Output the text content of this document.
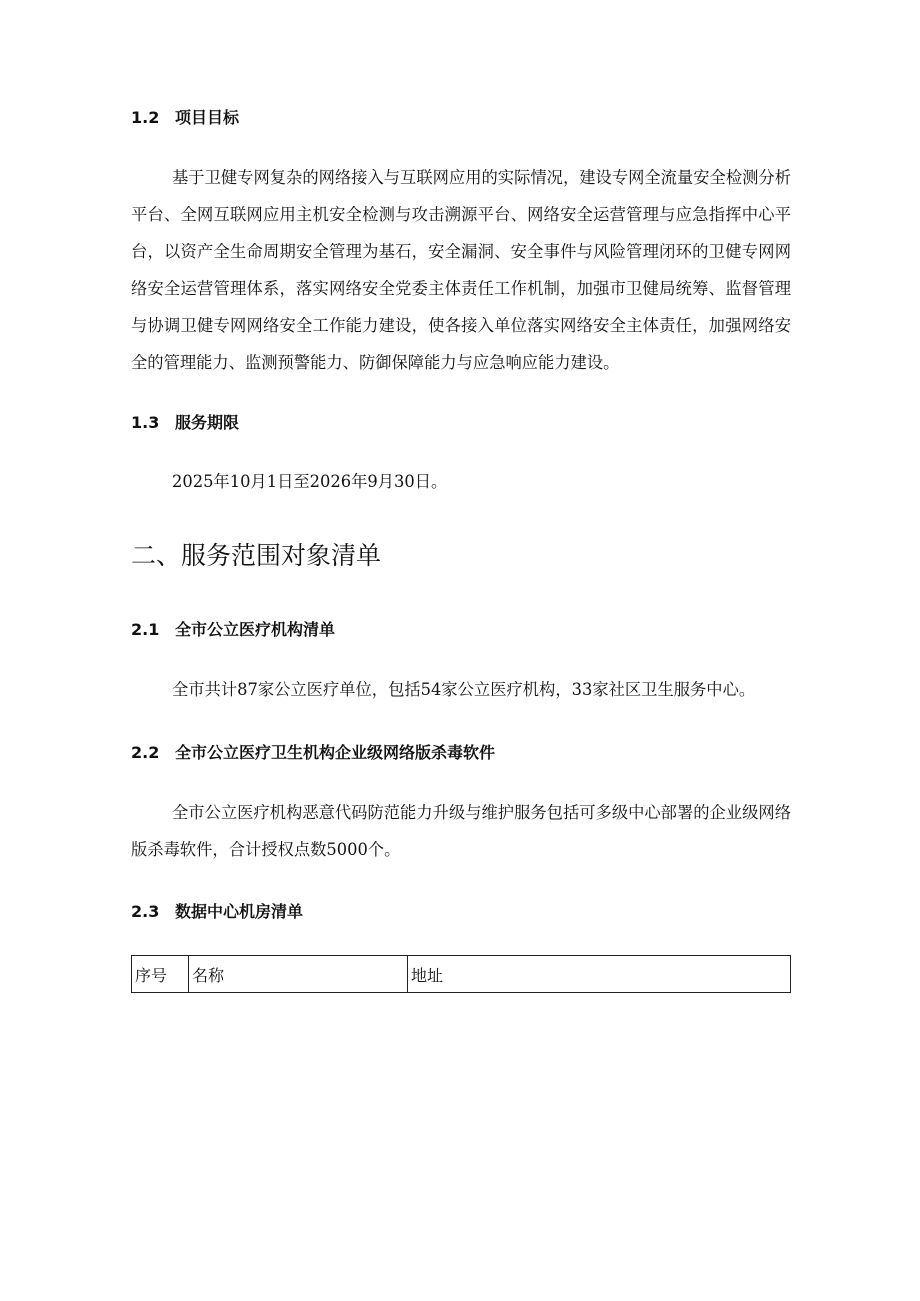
1.2 项目目标

基于卫健专网复杂的网络接入与互联网应用的实际情况，建设专网全流量安全检测分析平台、全网互联网应用主机安全检测与攻击溯源平台、网络安全运营管理与应急指挥中心平台，以资产全生命周期安全管理为基石，安全漏洞、安全事件与风险管理闭环的卫健专网网络安全运营管理体系，落实网络安全党委主体责任工作机制，加强市卫健局统筹、监督管理与协调卫健专网网络安全工作能力建设，使各接入单位落实网络安全主体责任，加强网络安全的管理能力、监测预警能力、防御保障能力与应急响应能力建设。

1.3 服务期限

2025年10月1日至2026年9月30日。

二、服务范围对象清单
2.1 全市公立医疗机构清单

全市共计87家公立医疗单位，包括54家公立医疗机构，33家社区卫生服务中心。

2.2 全市公立医疗卫生机构企业级网络版杀毒软件

全市公立医疗机构恶意代码防范能力升级与维护服务包括可多级中心部署的企业级网络版杀毒软件，合计授权点数5000个。

2.3 数据中心机房清单
序号	名称	地址
